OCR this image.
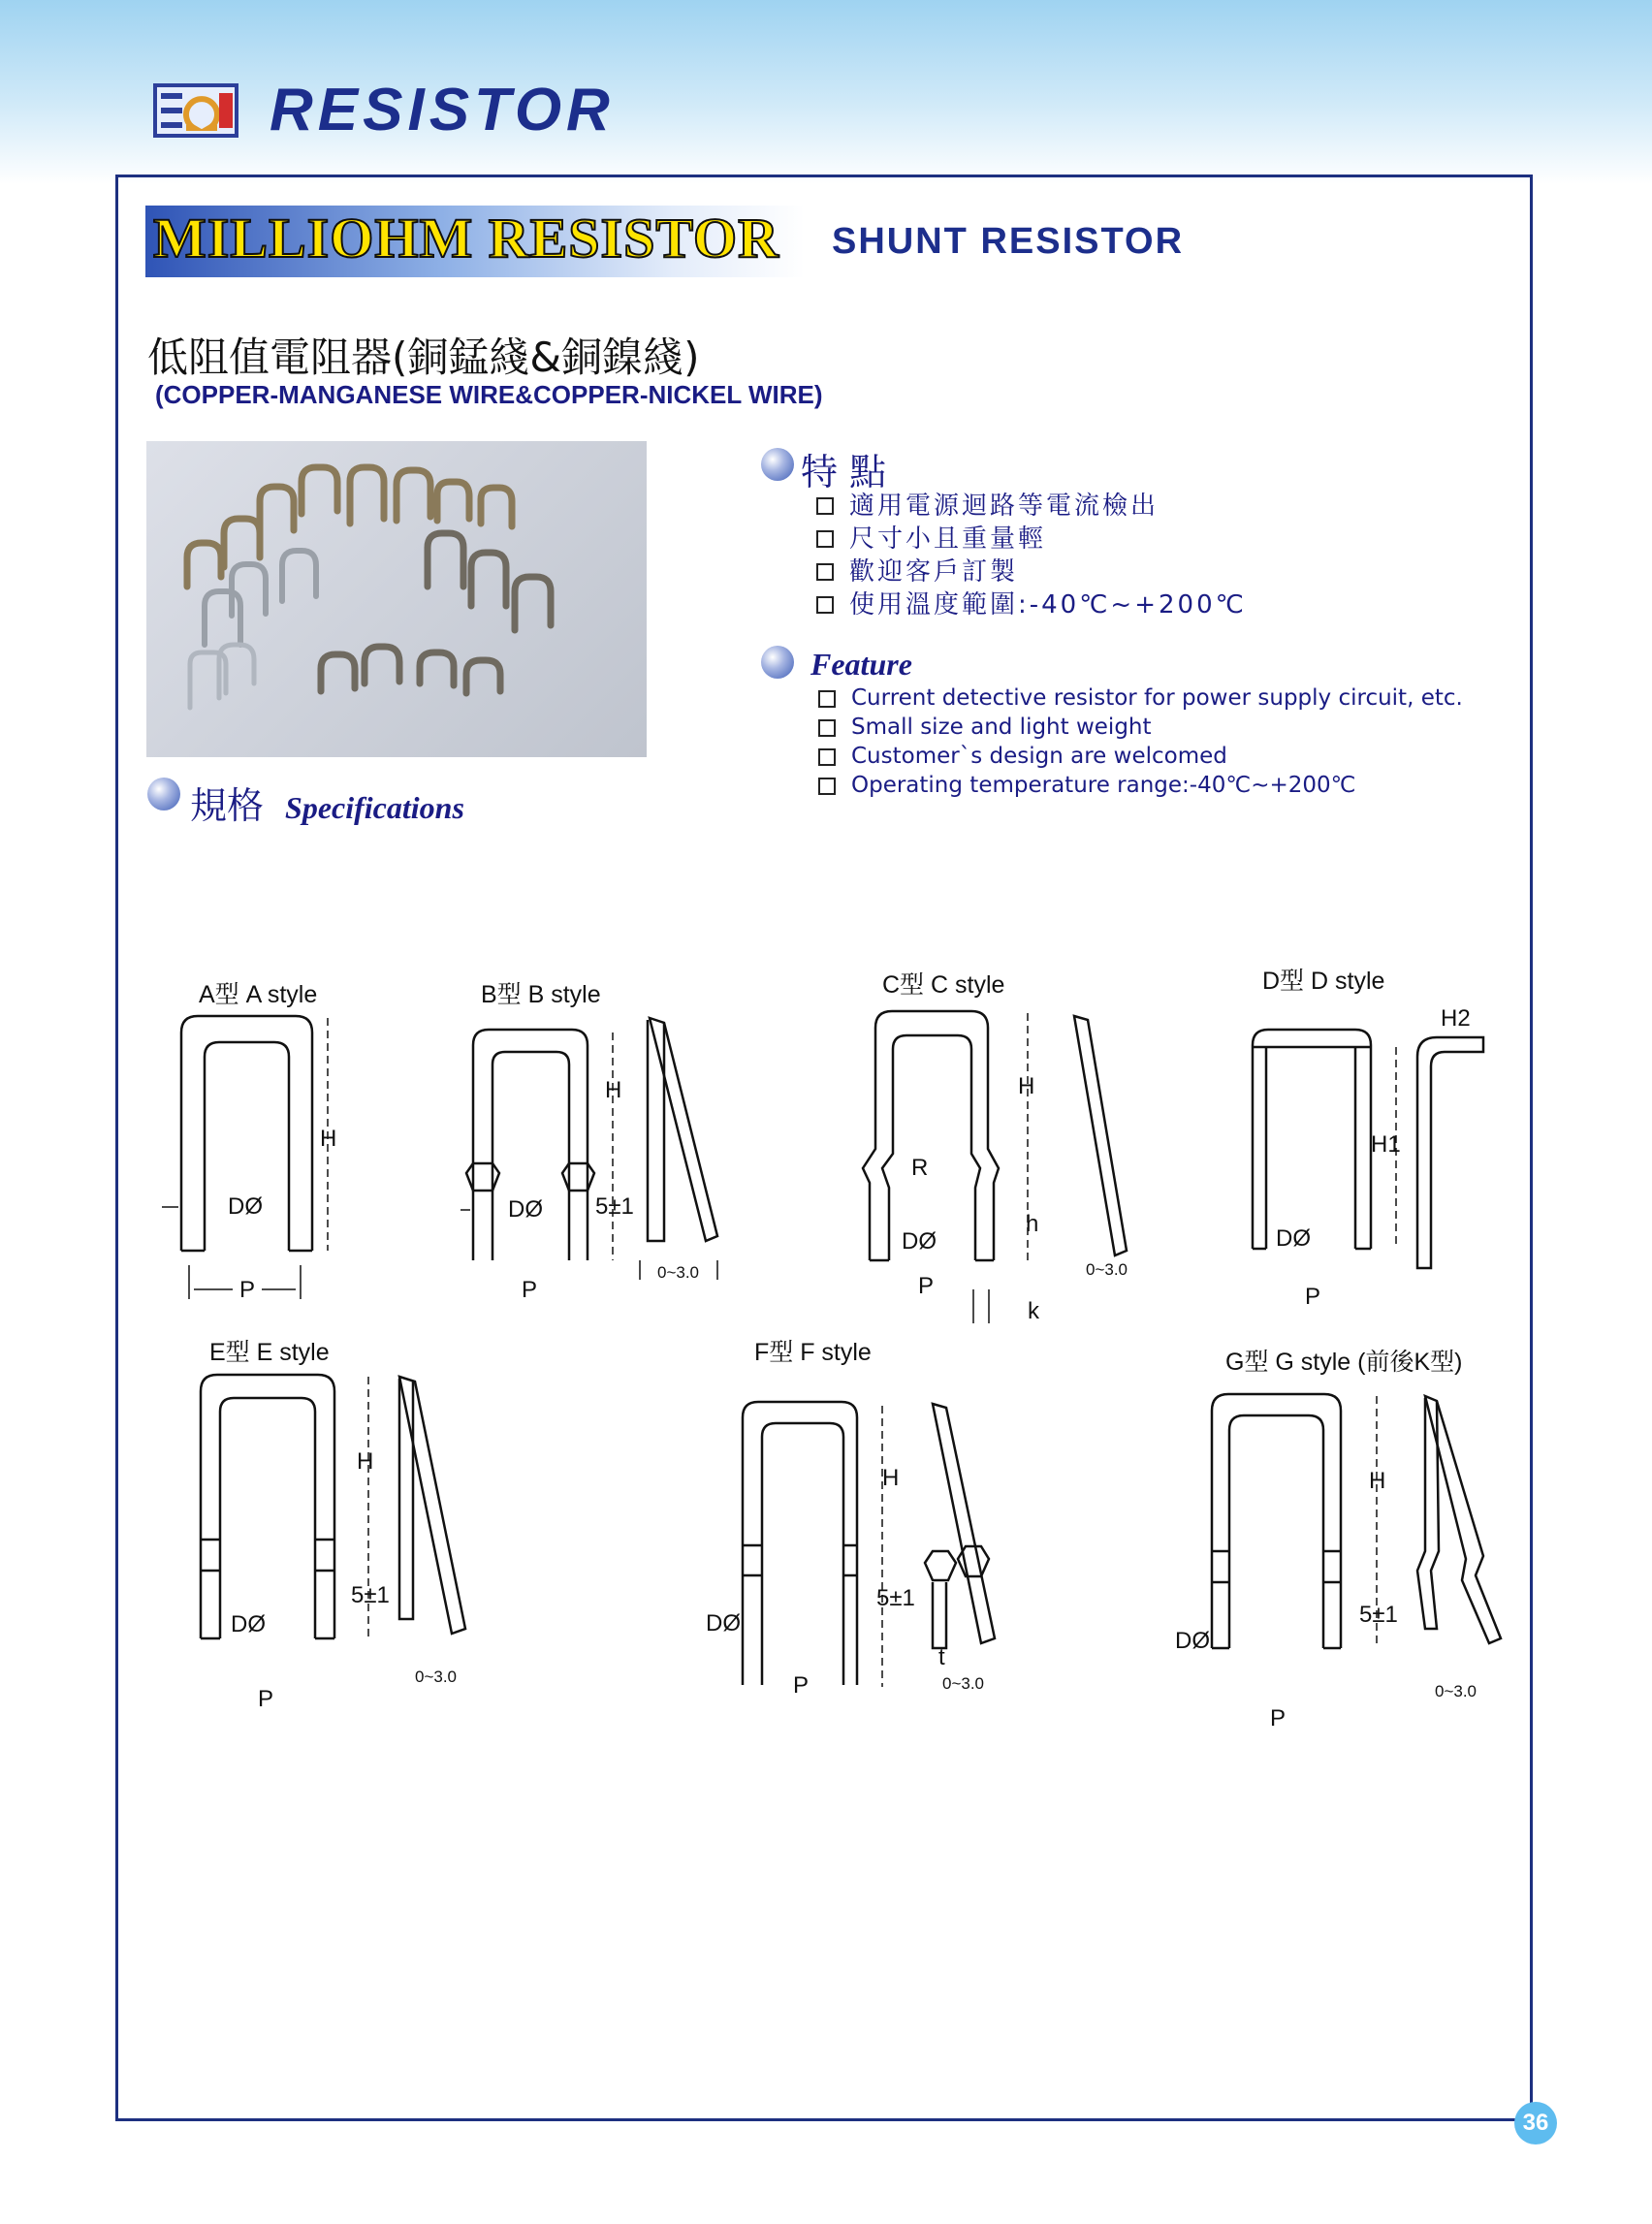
RESISTOR
MILLIOHM RESISTOR SHUNT RESISTOR
低阻值電阻器(銅錳綫&銅鎳綫)
(COPPER-MANGANESE WIRE&COPPER-NICKEL WIRE)
特 點
適用電源迴路等電流檢出
尺寸小且重量輕
歡迎客戶訂製
使用溫度範圍:-40℃~+200℃
Feature
Current detective resistor for power supply circuit, etc.
Small size and light weight
Customer`s design are welcomed
Operating temperature range:-40℃~+200℃
規格 Specifications
A型 A style	B型 B style	C型 C style	D型 D style
E型 E style	F型 F style	G型 G style (前後K型)
H
DØ
P
H
DØ 5±1
P
0~3.0
H
R
h
DØ
P
k
0~3.0
H2
H1
DØ
P
H
5±1
DØ
P
0~3.0
H
5±1
DØ
P
t
0~3.0
H
5±1
DØ
P
0~3.0
36
